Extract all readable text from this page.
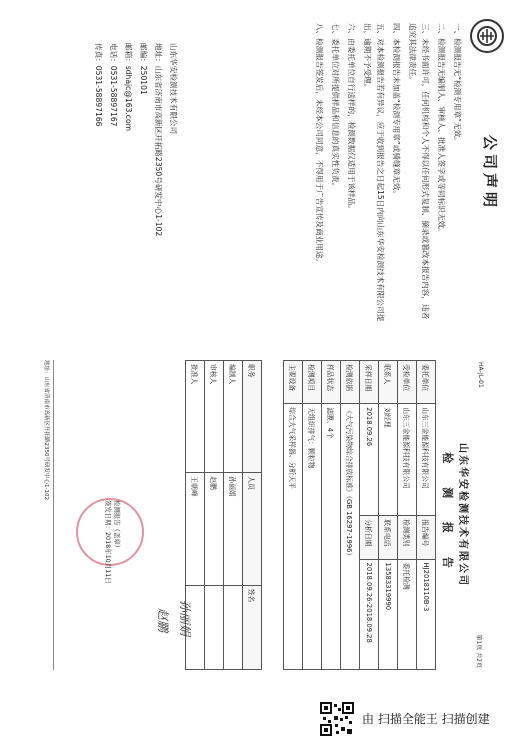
公司声明

一、检测报告无“检测专用章”无效。

二、检测报告无编制人、审核人、批准人签字或等同标识无效。

三、未经书面许可，任何机构和个人不得以任何形式复制、摘录或篡改本报告内容，违者追究其法律责任。

四、本检测报告未加盖“检测专用章”或骑缝章无效。

五、对本检测报告若有异议，应于收到报告之日起15日内向山东华安检测技术有限公司提出，逾期不予受理。

六、由委托单位自行送样的，检测数据仅适用于该样品。

七、委托单位对所提供样品和信息的真实性负责。

八、检测报告签发后，未经本公司同意，不得用于广告宣传及商业用途。

山东华安检测技术有限公司

地址：山东省济南市高新区开拓路2350号研发中心1-102

邮编：250101

邮箱：sdhajc@163.com

电话：0531-58897167

传真：0531-58897166

HA-JL-01
第1页 共2页
山东华安检测技术有限公司
检 测 报 告
委托单位	山东三金能源科技有限公司	报告编号	HJ2018110B-3
受检单位	山东三金能源科技有限公司	检测类别	委托检测
联系人	刘经理	联系电话	13583319990
采样日期	2018.09.26	分析日期	2018.09.26-2018.09.28
检测依据	《大气污染物综合排放标准》（GB 16297-1996）		
样品状态	滤膜，4个		
检测项目	无组织排气：颗粒物		
主要设备	综合大气采样器、分析天平		
职务	人员	签名
编制人	孙丽娟	
审核人	赵鹏	
批准人	王朝峰	
孙丽娟
赵鹏
检测报告（盖章）
签发日期：2018年10月11日
地址：山东省济南市高新区开拓路2350号研发中心1-102
由 扫描全能王 扫描创建
